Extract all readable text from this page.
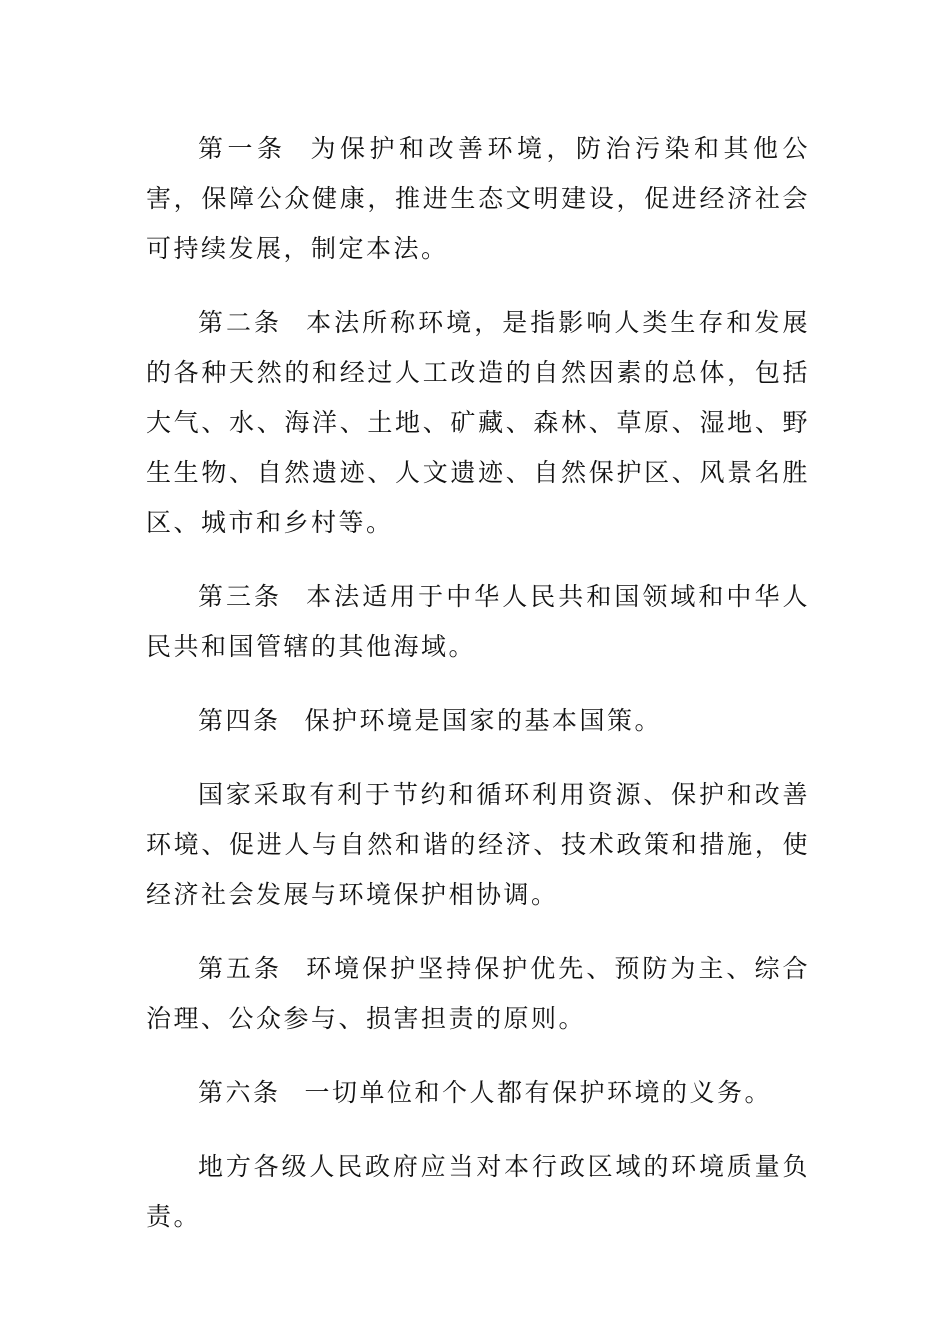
第一条 为保护和改善环境，防治污染和其他公害，保障公众健康，推进生态文明建设，促进经济社会可持续发展，制定本法。

第二条 本法所称环境，是指影响人类生存和发展的各种天然的和经过人工改造的自然因素的总体，包括大气、水、海洋、土地、矿藏、森林、草原、湿地、野生生物、自然遗迹、人文遗迹、自然保护区、风景名胜区、城市和乡村等。

第三条 本法适用于中华人民共和国领域和中华人民共和国管辖的其他海域。

第四条 保护环境是国家的基本国策。

国家采取有利于节约和循环利用资源、保护和改善环境、促进人与自然和谐的经济、技术政策和措施，使经济社会发展与环境保护相协调。

第五条 环境保护坚持保护优先、预防为主、综合治理、公众参与、损害担责的原则。

第六条 一切单位和个人都有保护环境的义务。

地方各级人民政府应当对本行政区域的环境质量负责。
